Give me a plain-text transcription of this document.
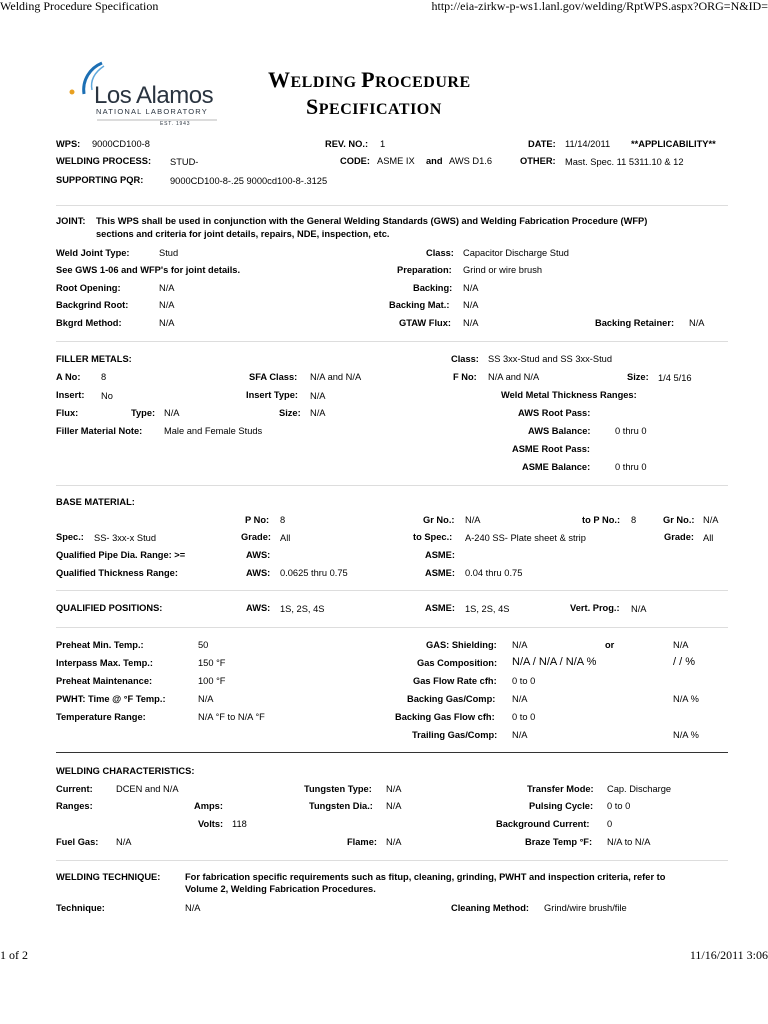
Welding Procedure Specification	http://eia-zirkw-p-ws1.lanl.gov/welding/RptWPS.aspx?ORG=N&ID=
1 of 2	11/16/2011 3:06
Los Alamos
NATIONAL LABORATORY
EST. 1943
WELDING PROCEDURE
SPECIFICATION
WPS: 9000CD100-8	REV. NO.: 1	DATE: 11/14/2011 **APPLICABILITY**
WELDING PROCESS: STUD-	CODE: ASME IX and AWS D1.6	OTHER: Mast. Spec. 11 5311.10 & 12
SUPPORTING PQR:	9000CD100-8-.25 9000cd100-8-.3125
JOINT: This WPS shall be used in conjunction with the General Welding Standards (GWS) and Welding Fabrication Procedure (WFP)
sections and criteria for joint details, repairs, NDE, inspection, etc.
Weld Joint Type:	Stud	Class: Capacitor Discharge Stud
See GWS 1-06 and WFP's for joint details.	Preparation: Grind or wire brush
Root Opening:	N/A	Backing: N/A
Backgrind Root:	N/A	Backing Mat.: N/A
Bkgrd Method:	N/A	GTAW Flux: N/A	Backing Retainer: N/A
FILLER METALS:	Class: SS 3xx-Stud and SS 3xx-Stud
A No: 8	SFA Class: N/A and N/A	F No: N/A and N/A	Size: 1/4 5/16
Insert: No	Insert Type: N/A	Weld Metal Thickness Ranges:
Flux:	Type: N/A	Size: N/A	AWS Root Pass:
Filler Material Note: Male and Female Studs	AWS Balance:	0 thru 0
ASME Root Pass:
ASME Balance:	0 thru 0
BASE MATERIAL:
P No: 8	Gr No.: N/A	to P No.: 8	Gr No.: N/A
Spec.: SS- 3xx-x Stud	Grade: All	to Spec.: A-240 SS- Plate sheet & strip	Grade: All
Qualified Pipe Dia. Range: >=	AWS:	ASME:
Qualified Thickness Range:	AWS: 0.0625 thru 0.75	ASME: 0.04 thru 0.75
QUALIFIED POSITIONS:	AWS: 1S, 2S, 4S	ASME: 1S, 2S, 4S	Vert. Prog.: N/A
Preheat Min. Temp.:	50	GAS: Shielding: N/A	or	N/A
Interpass Max. Temp.:	150 °F	Gas Composition: N/A / N/A / N/A %	/ / %
Preheat Maintenance:	100 °F	Gas Flow Rate cfh: 0 to 0
PWHT: Time @ °F Temp.:	N/A	Backing Gas/Comp: N/A	N/A %
Temperature Range:	N/A °F to N/A °F	Backing Gas Flow cfh: 0 to 0
Trailing Gas/Comp: N/A	N/A %
WELDING CHARACTERISTICS:
Current:	DCEN and N/A	Tungsten Type: N/A	Transfer Mode: Cap. Discharge
Ranges:	Amps:	Tungsten Dia.: N/A	Pulsing Cycle: 0 to 0
Volts: 118	Background Current: 0
Fuel Gas: N/A	Flame: N/A	Braze Temp °F: N/A to N/A
WELDING TECHNIQUE:	For fabrication specific requirements such as fitup, cleaning, grinding, PWHT and inspection criteria, refer to
Volume 2, Welding Fabrication Procedures.
Technique:	N/A	Cleaning Method: Grind/wire brush/file
